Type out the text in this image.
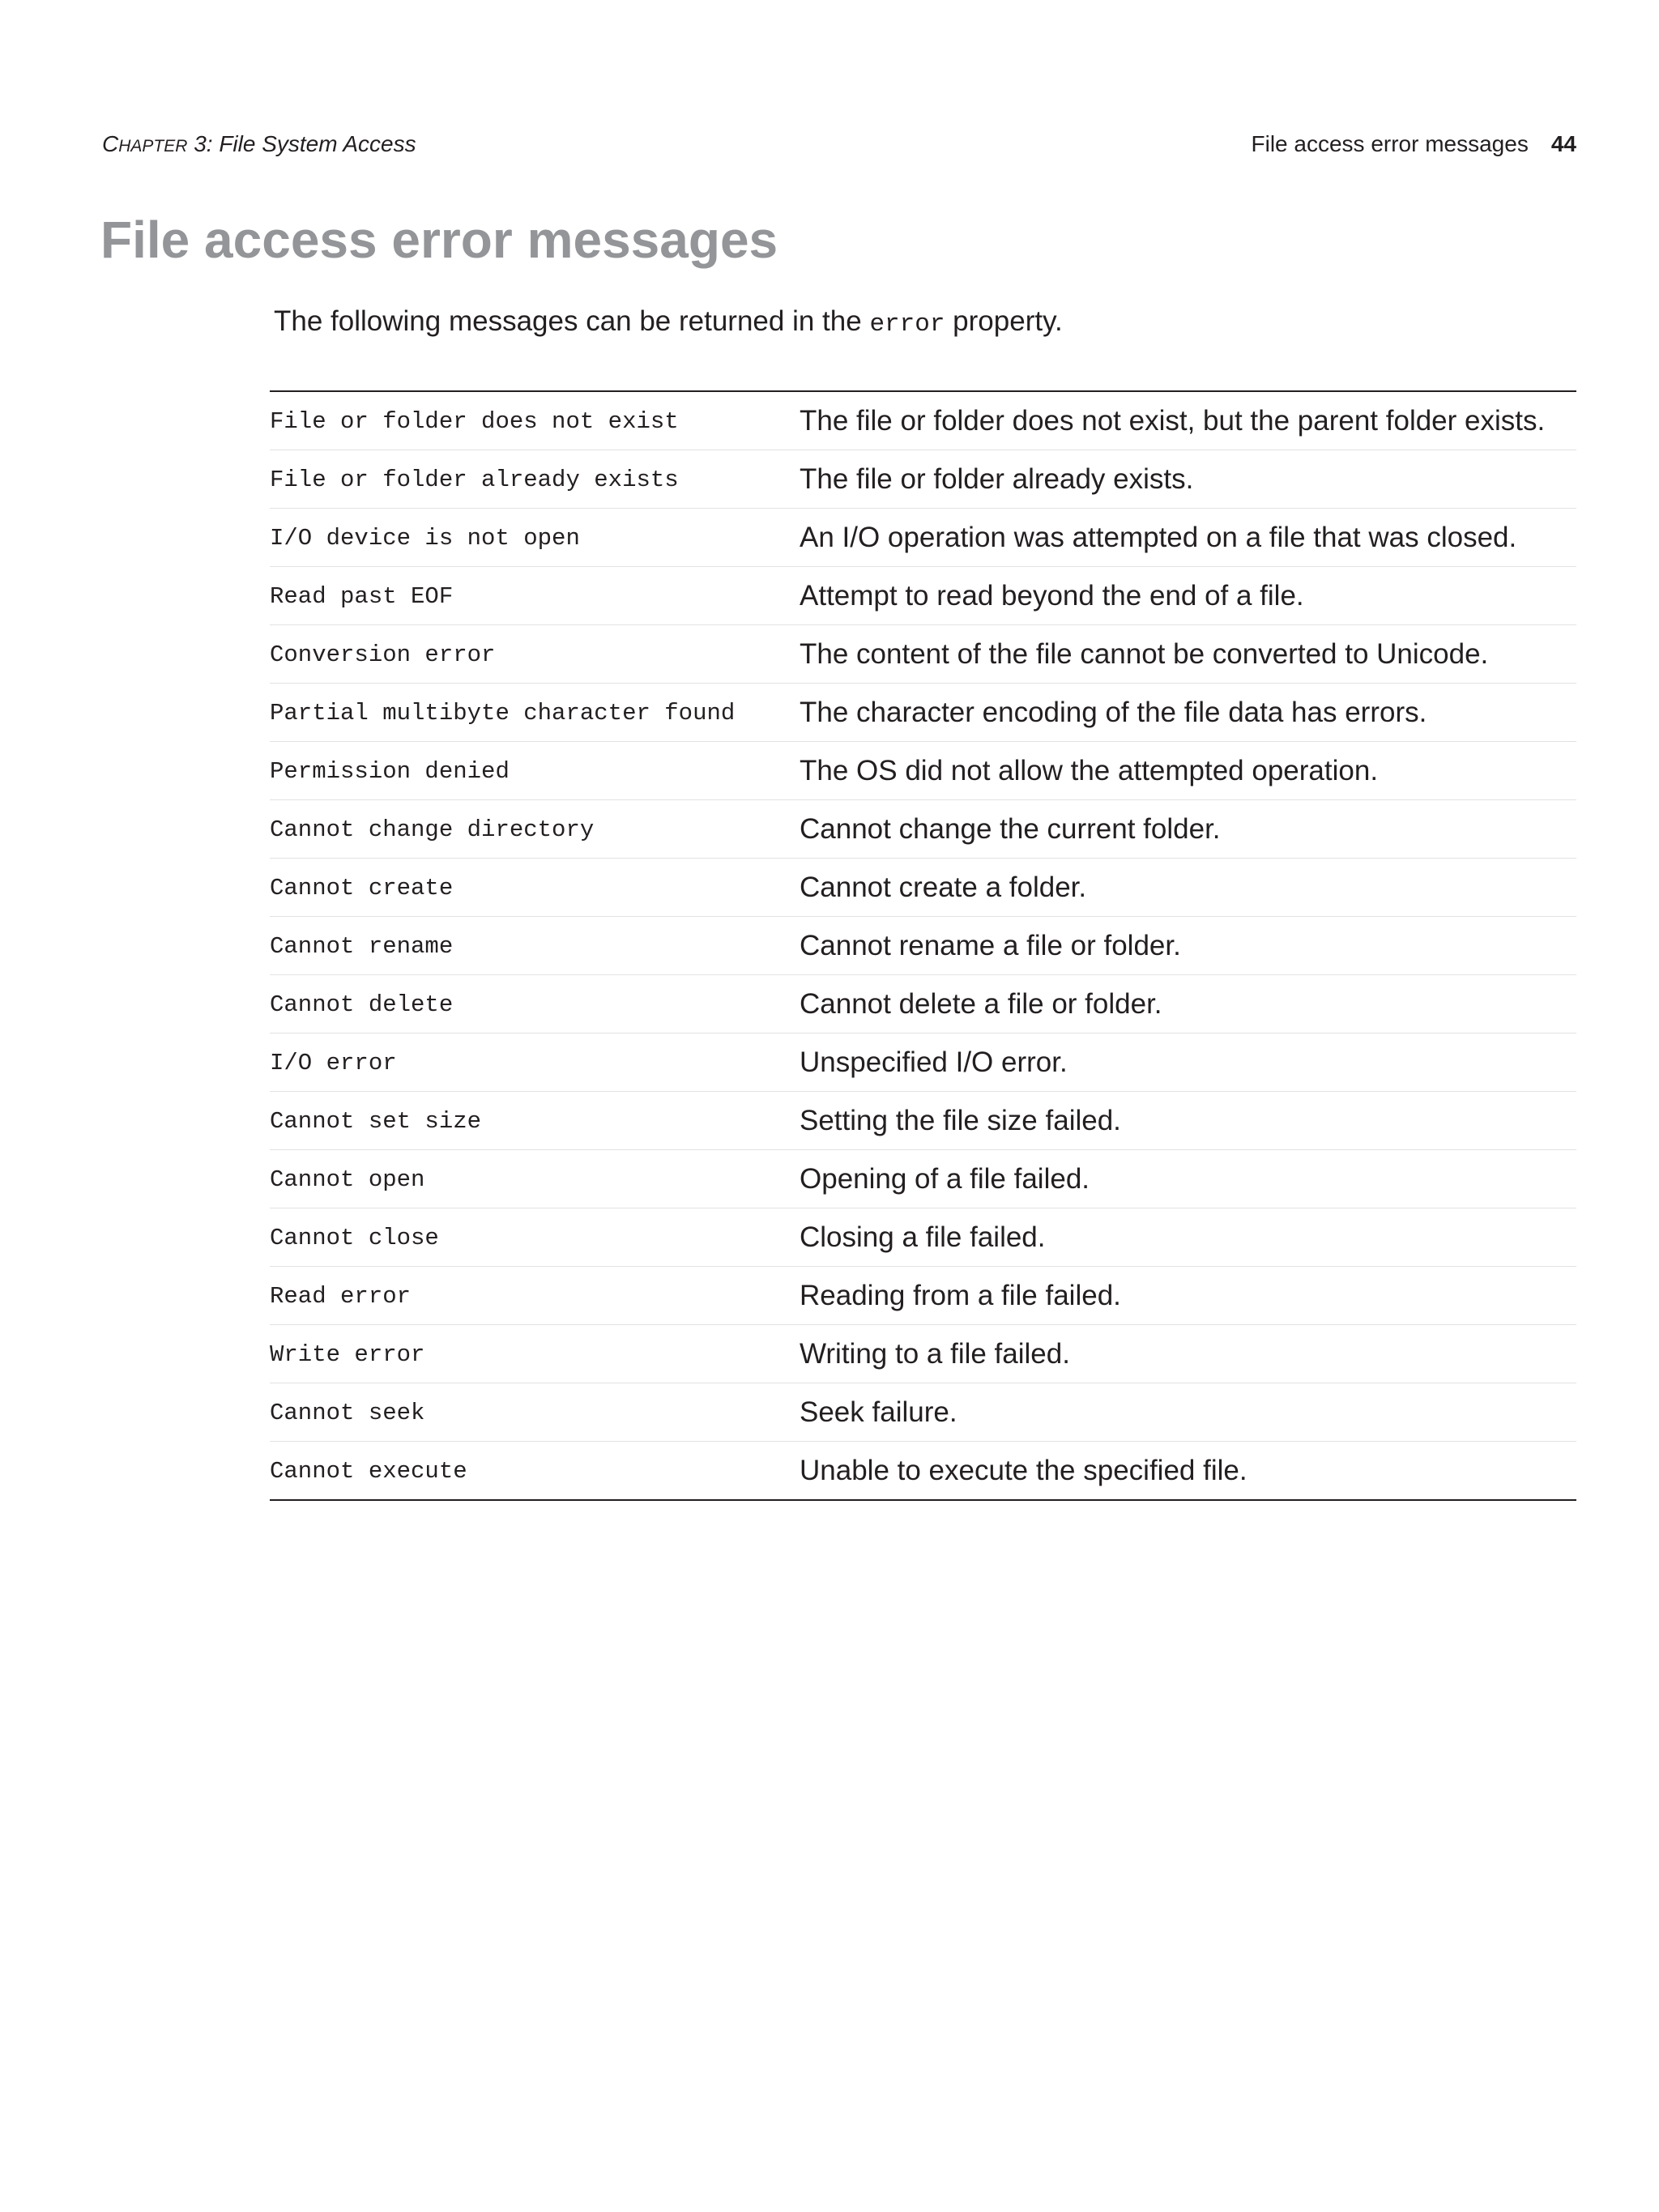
CHAPTER 3: File System Access	File access error messages 44
File access error messages

The following messages can be returned in the error property.

File or folder does not exist	The file or folder does not exist, but the parent folder exists.
File or folder already exists	The file or folder already exists.
I/O device is not open	An I/O operation was attempted on a file that was closed.
Read past EOF	Attempt to read beyond the end of a file.
Conversion error	The content of the file cannot be converted to Unicode.
Partial multibyte character found	The character encoding of the file data has errors.
Permission denied	The OS did not allow the attempted operation.
Cannot change directory	Cannot change the current folder.
Cannot create	Cannot create a folder.
Cannot rename	Cannot rename a file or folder.
Cannot delete	Cannot delete a file or folder.
I/O error	Unspecified I/O error.
Cannot set size	Setting the file size failed.
Cannot open	Opening of a file failed.
Cannot close	Closing a file failed.
Read error	Reading from a file failed.
Write error	Writing to a file failed.
Cannot seek	Seek failure.
Cannot execute	Unable to execute the specified file.
